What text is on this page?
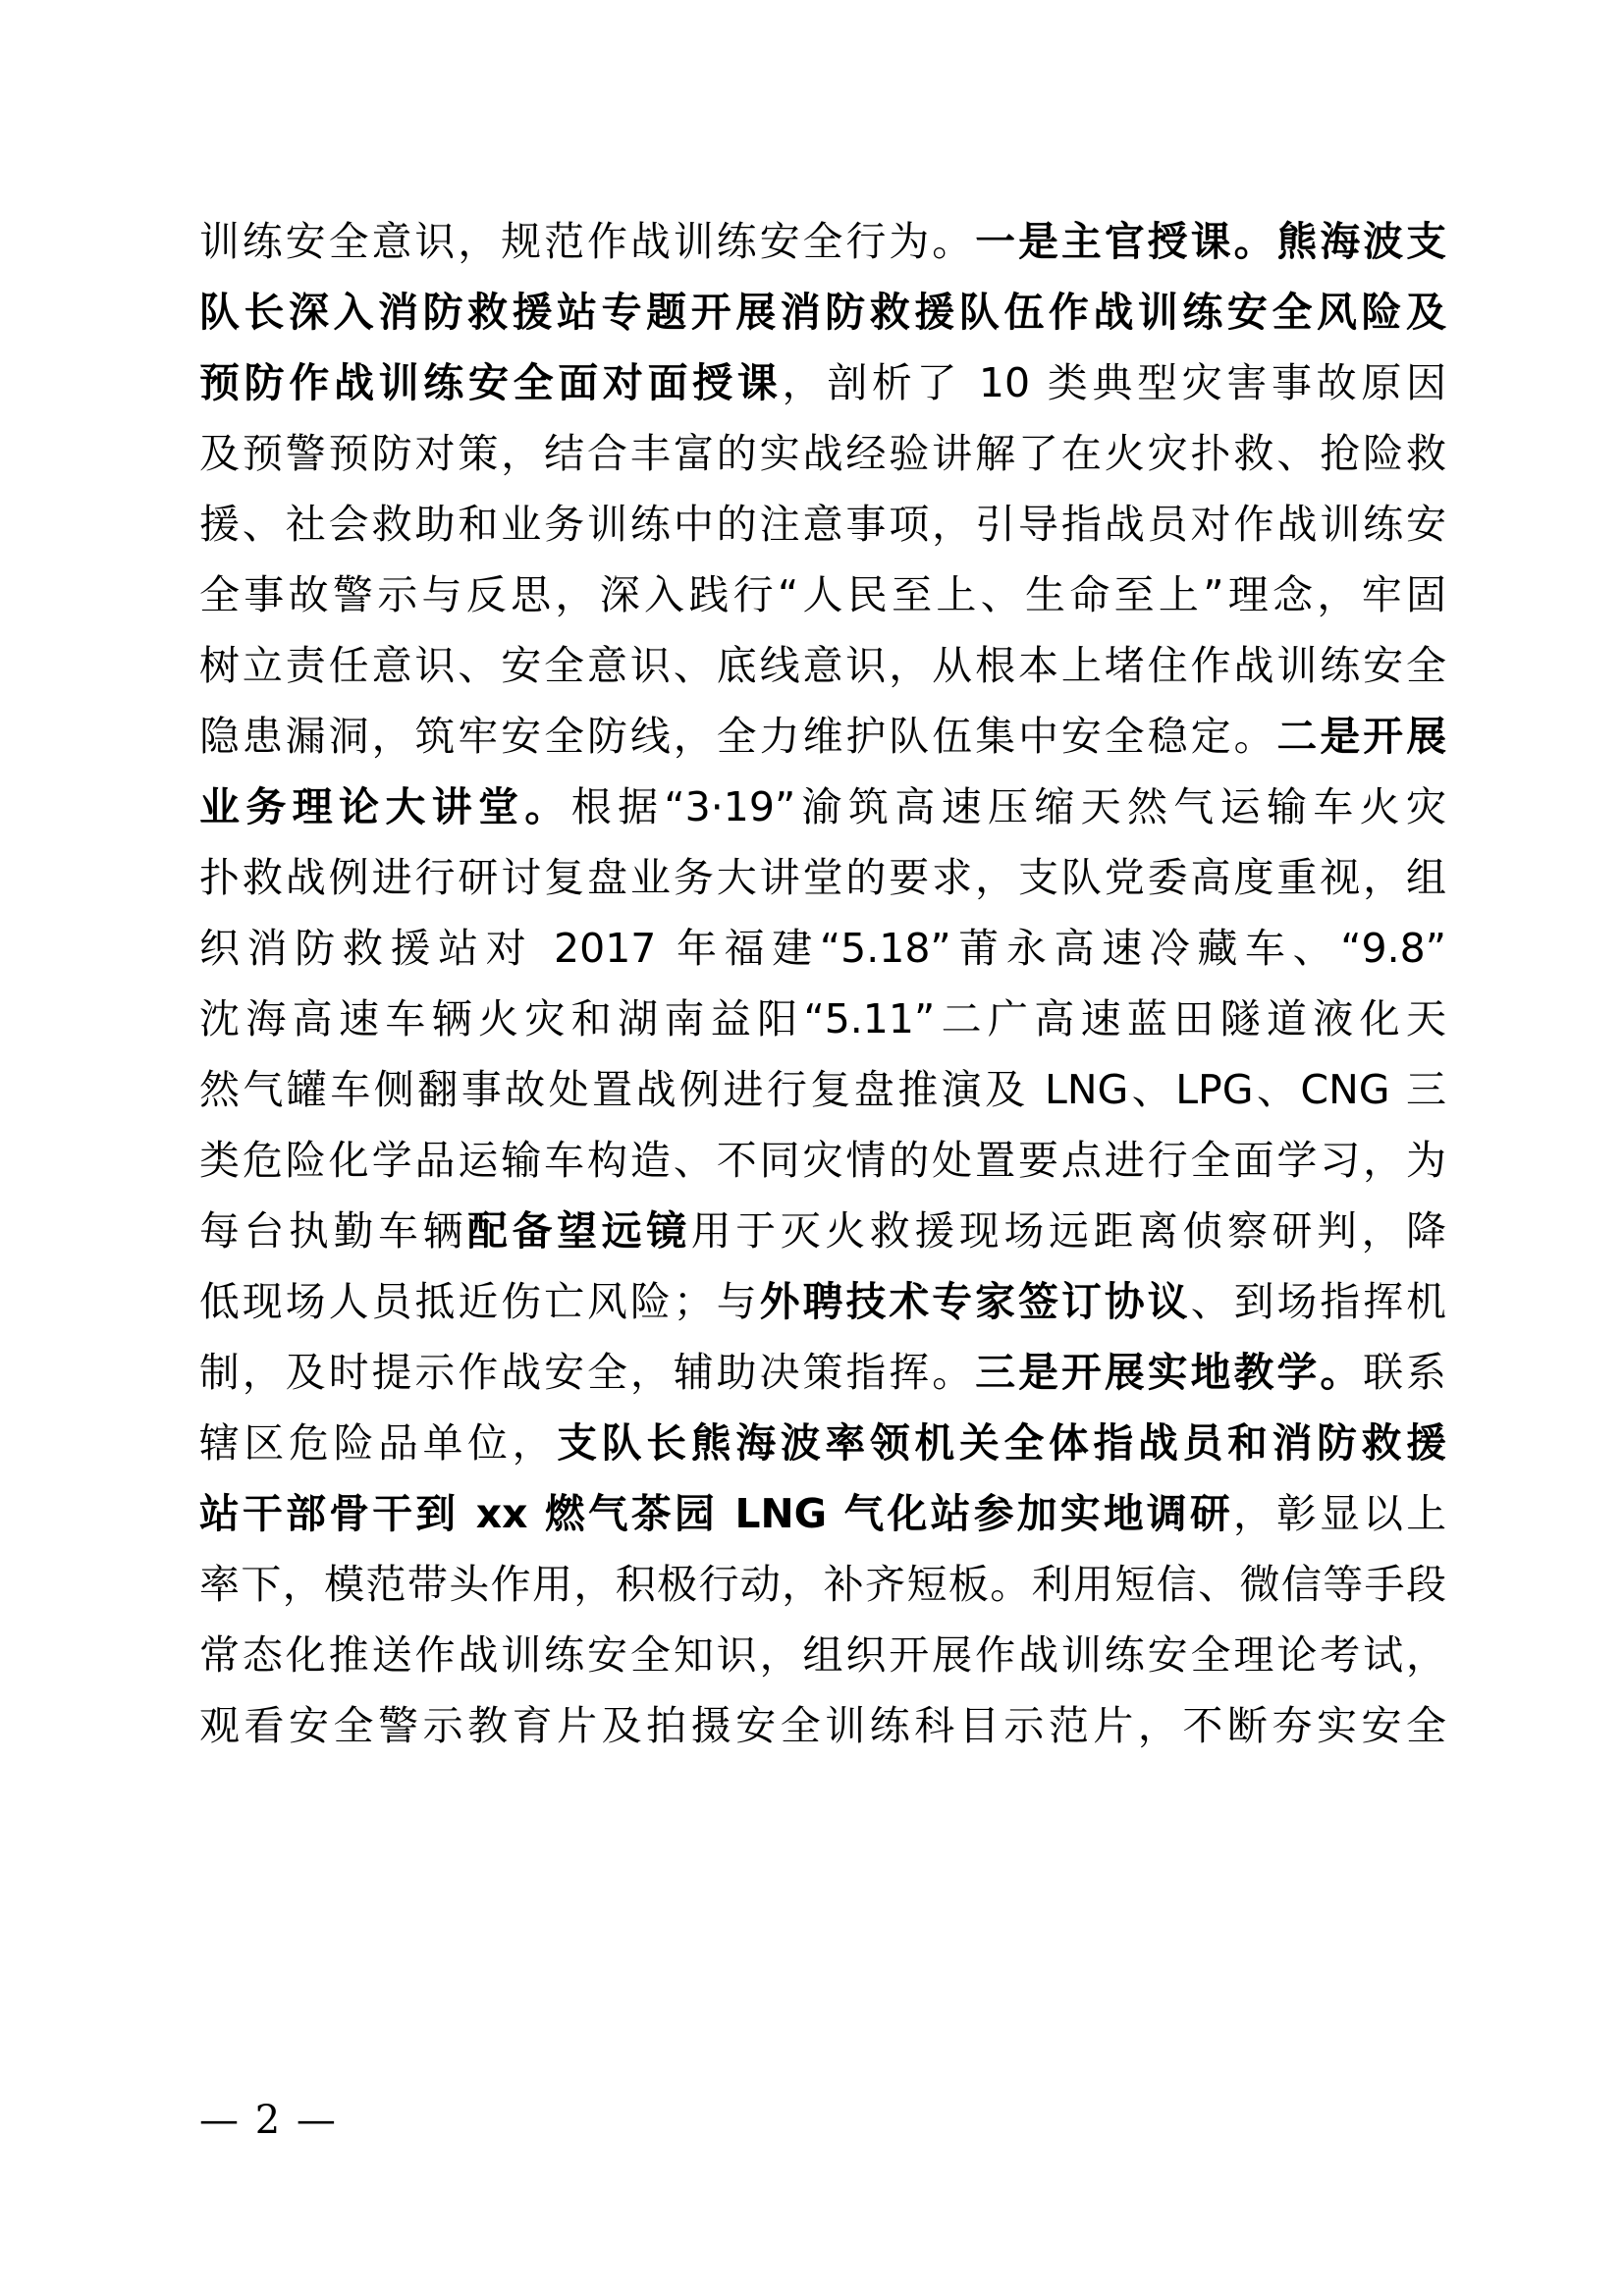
训练安全意识，规范作战训练安全行为。一是主官授课。熊海波支
队长深入消防救援站专题开展消防救援队伍作战训练安全风险及
预防作战训练安全面对面授课，剖析了 10 类典型灾害事故原因
及预警预防对策，结合丰富的实战经验讲解了在火灾扑救、抢险救
援、社会救助和业务训练中的注意事项，引导指战员对作战训练安
全事故警示与反思，深入践行“人民至上、生命至上”理念，牢固
树立责任意识、安全意识、底线意识，从根本上堵住作战训练安全
隐患漏洞，筑牢安全防线，全力维护队伍集中安全稳定。二是开展
业务理论大讲堂。根据“3·19”渝筑高速压缩天然气运输车火灾
扑救战例进行研讨复盘业务大讲堂的要求，支队党委高度重视，组
织消防救援站对 2017 年福建“5.18”莆永高速冷藏车、“9.8”
沈海高速车辆火灾和湖南益阳“5.11”二广高速蓝田隧道液化天
然气罐车侧翻事故处置战例进行复盘推演及 LNG、LPG、CNG 三
类危险化学品运输车构造、不同灾情的处置要点进行全面学习，为
每台执勤车辆配备望远镜用于灭火救援现场远距离侦察研判，降
低现场人员抵近伤亡风险；与外聘技术专家签订协议、到场指挥机
制，及时提示作战安全，辅助决策指挥。三是开展实地教学。联系
辖区危险品单位，支队长熊海波率领机关全体指战员和消防救援
站干部骨干到 xx 燃气茶园 LNG 气化站参加实地调研，彰显以上
率下，模范带头作用，积极行动，补齐短板。利用短信、微信等手段
常态化推送作战训练安全知识，组织开展作战训练安全理论考试，
观看安全警示教育片及拍摄安全训练科目示范片，不断夯实安全
— 2 —
